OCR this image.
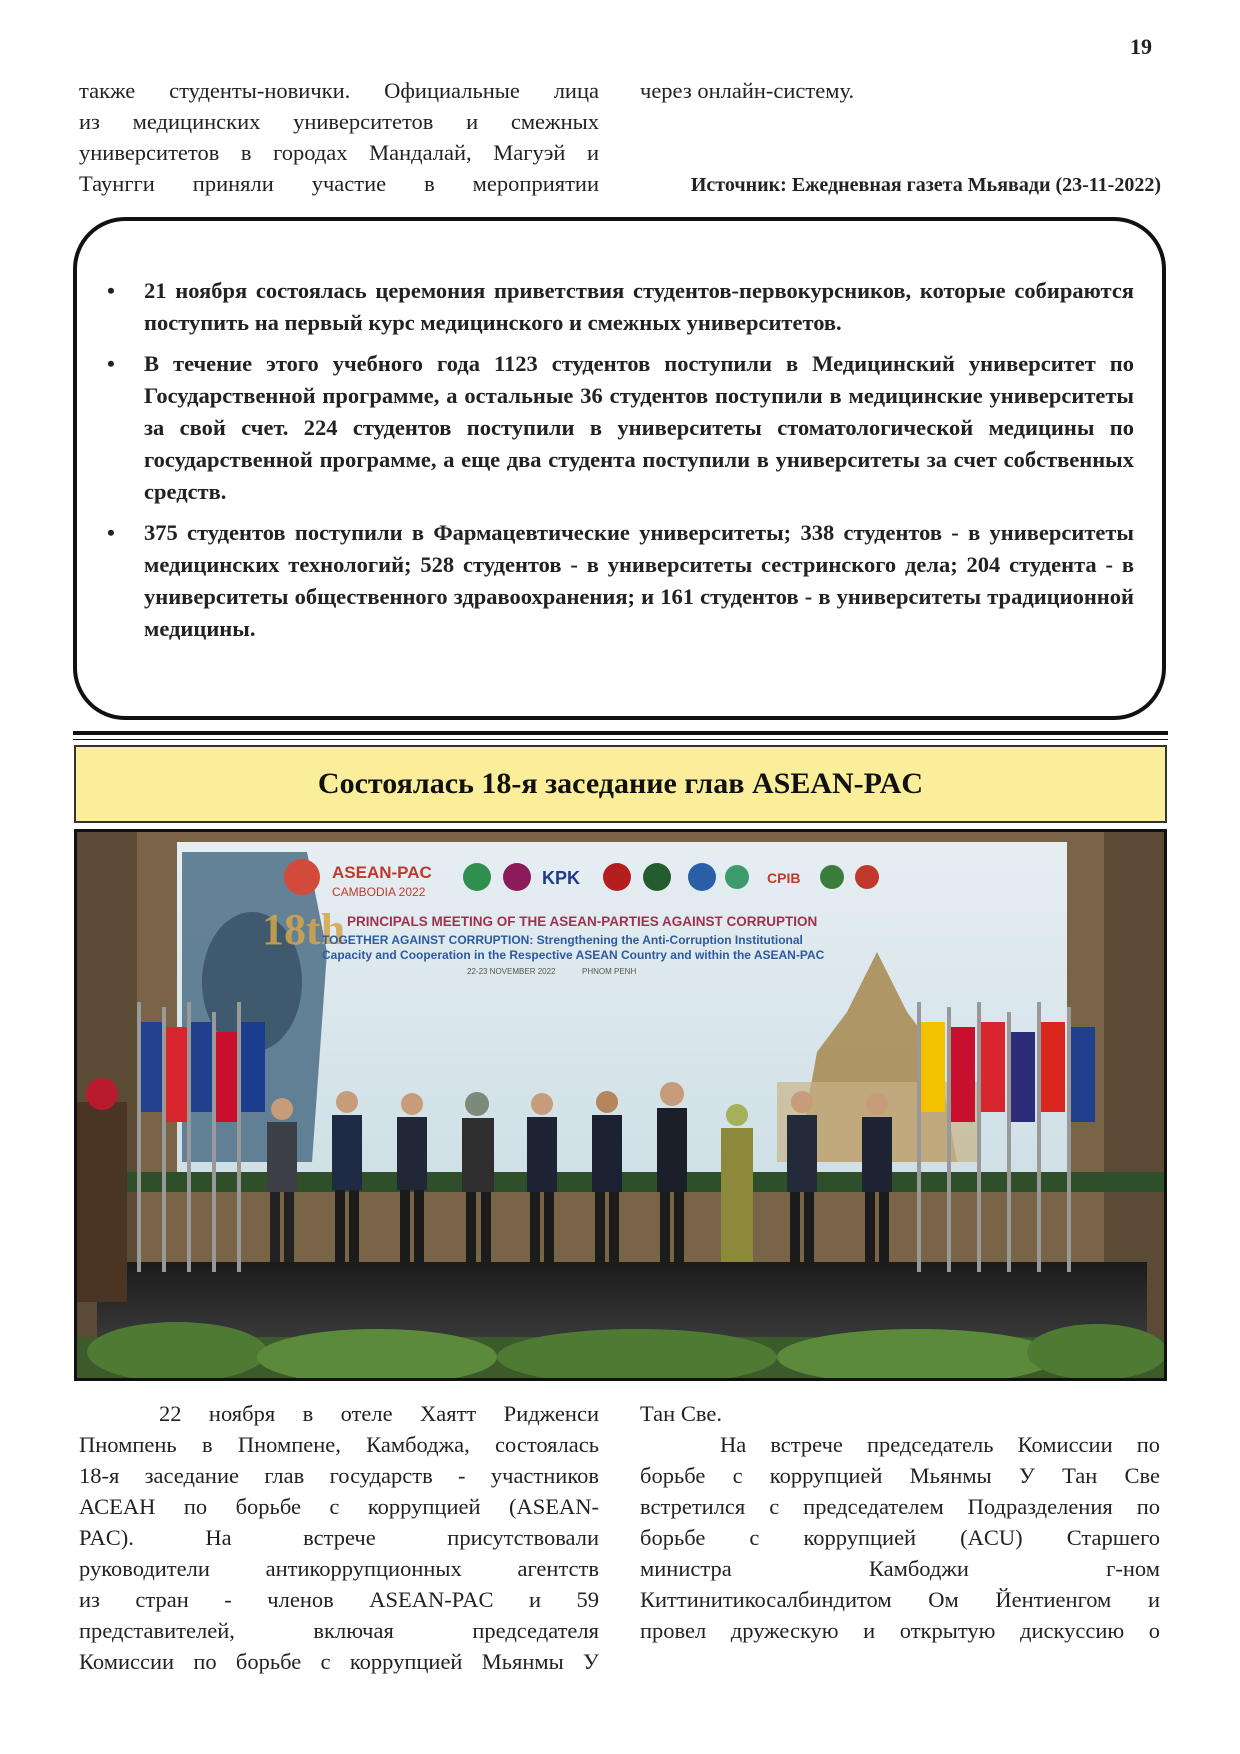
19
также студенты-новички. Официальные лица
из медицинских университетов и смежных
университетов в городах Мандалай, Магуэй и
Таунгги приняли участие в мероприятии
через онлайн-систему.
Источник: Ежедневная газета Мьявади (23-11-2022)
• 21 ноября состоялась церемония приветствия студентов-первокурсников, которые собираются поступить на первый курс медицинского и смежных университетов.
• В течение этого учебного года 1123 студентов поступили в Медицинский университет по Государственной программе, а остальные 36 студентов поступили в медицинские университеты за свой счет. 224 студентов поступили в университеты стоматологической медицины по государственной программе, а еще два студента поступили в университеты за счет собственных средств.
• 375 студентов поступили в Фармацевтические университеты; 338 студентов - в университеты медицинских технологий; 528 студентов - в университеты сестринского дела; 204 студента - в университеты общественного здравоохранения; и 161 студентов - в университеты традиционной медицины.
Состоялась 18-я заседание глав ASEAN-PAC
ASEAN-PAC
CAMBODIA 2022
KPK	CPIB
18th PRINCIPALS MEETING OF THE ASEAN-PARTIES AGAINST CORRUPTION
TOGETHER AGAINST CORRUPTION: Strengthening the Anti-Corruption Institutional
Capacity and Cooperation in the Respective ASEAN Country and within the ASEAN-PAC
22-23 NOVEMBER 2022	PHNOM PENH
22 ноября в отеле Хаятт Ридженси
Пномпень в Пномпене, Камбоджа, состоялась
18-я заседание глав государств - участников
АСЕАН по борьбе с коррупцией (ASEAN-
PAC). На встрече присутствовали
руководители антикоррупционных агентств
из стран - членов ASEAN-PAC и 59
представителей, включая председателя
Комиссии по борьбе с коррупцией Мьянмы У
Тан Све.
На встрече председатель Комиссии по
борьбе с коррупцией Мьянмы У Тан Све
встретился с председателем Подразделения по
борьбе с коррупцией (ACU) Старшего
министра Камбоджи г-ном
Киттинитикосалбиндитом Ом Йентиенгом и
провел дружескую и открытую дискуссию о
